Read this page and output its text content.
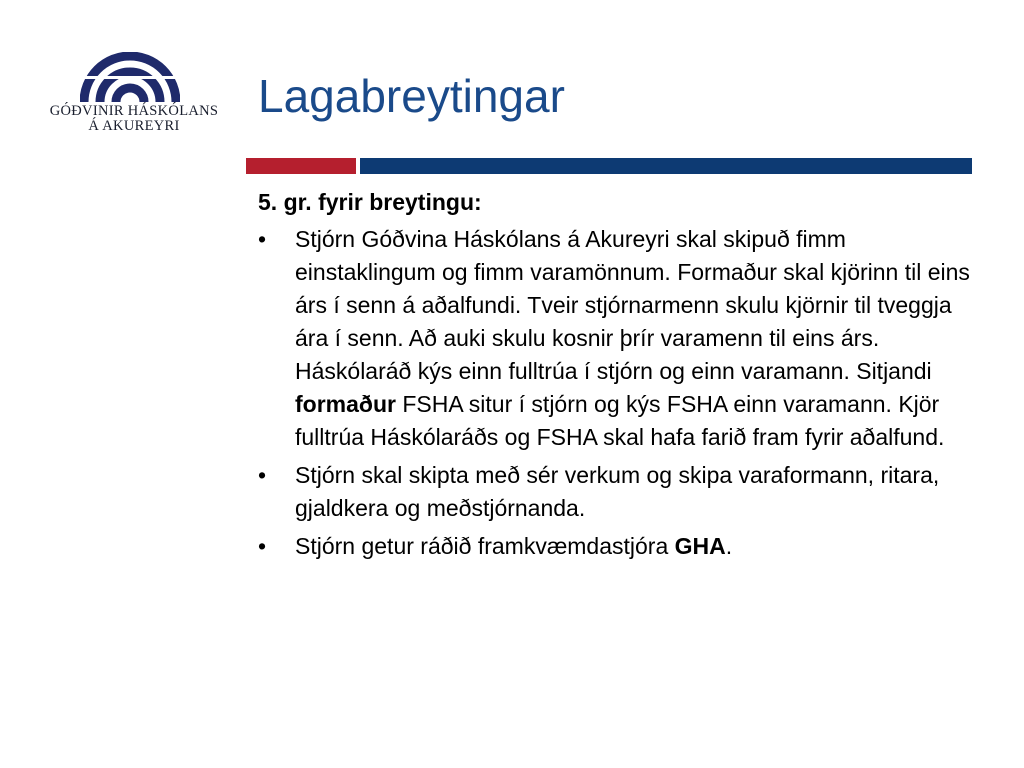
GÓÐVINIR HÁSKÓLANS
Á AKUREYRI
Lagabreytingar
5. gr. fyrir breytingu:
• Stjórn Góðvina Háskólans á Akureyri skal skipuð fimm einstaklingum og fimm varamönnum. Formaður skal kjörinn til eins árs í senn á aðalfundi. Tveir stjórnarmenn skulu kjörnir til tveggja ára í senn. Að auki skulu kosnir þrír varamenn til eins árs. Háskólaráð kýs einn fulltrúa í stjórn og einn varamann. Sitjandi formaður FSHA situr í stjórn og kýs FSHA einn varamann. Kjör fulltrúa Háskólaráðs og FSHA skal hafa farið fram fyrir aðalfund.
• Stjórn skal skipta með sér verkum og skipa varaformann, ritara, gjaldkera og meðstjórnanda.
• Stjórn getur ráðið framkvæmdastjóra GHA.
